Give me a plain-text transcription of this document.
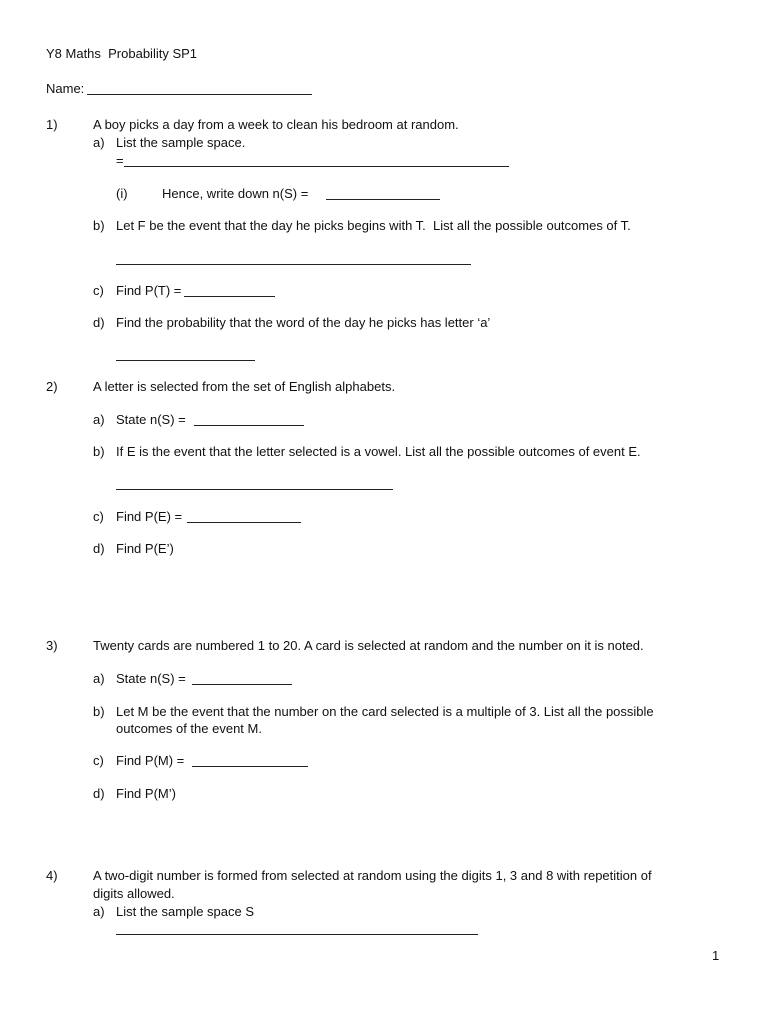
Y8 Maths  Probability SP1
Name:
1)	A boy picks a day from a week to clean his bedroom at random.
a) List the sample space.
=
(i)	Hence, write down n(S) =
b) Let F be the event that the day he picks begins with T.  List all the possible outcomes of T.
c) Find P(T) =
d) Find the probability that the word of the day he picks has letter ‘a’
2)	A letter is selected from the set of English alphabets.
a) State n(S) =
b) If E is the event that the letter selected is a vowel. List all the possible outcomes of event E.
c) Find P(E) =
d) Find P(E’)
3)	Twenty cards are numbered 1 to 20. A card is selected at random and the number on it is noted.
a) State n(S) =
b) Let M be the event that the number on the card selected is a multiple of 3. List all the possible
outcomes of the event M.
c) Find P(M) =
d) Find P(M’)
4)	A two-digit number is formed from selected at random using the digits 1, 3 and 8 with repetition of
digits allowed.
a) List the sample space S
1
